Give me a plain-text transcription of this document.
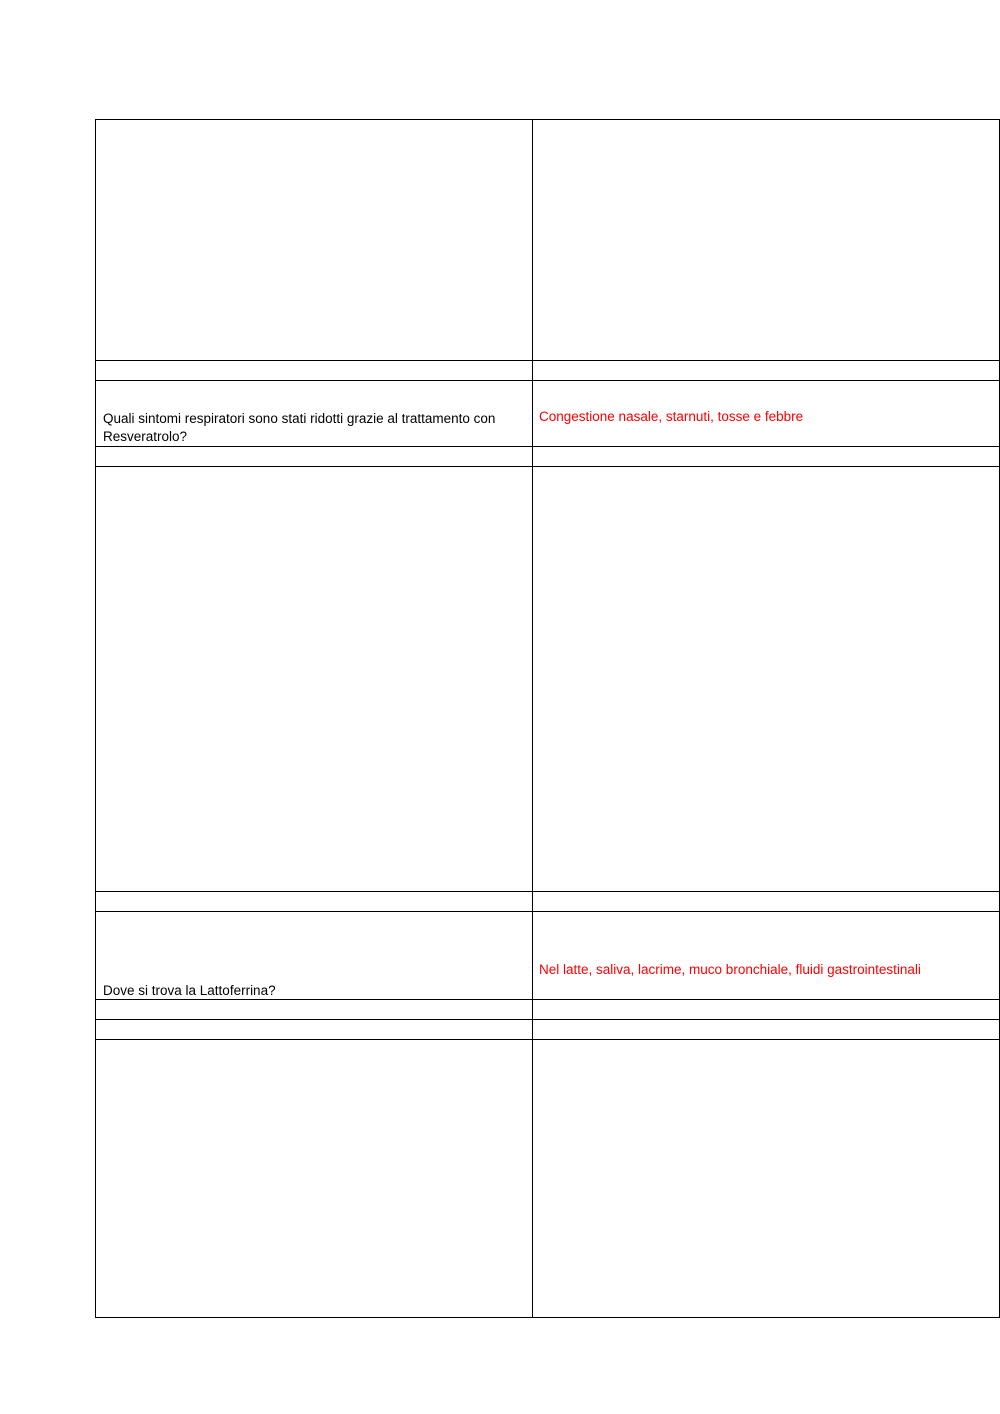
Quali sintomi respiratori sono stati ridotti grazie al trattamento con Resveratrolo?

Congestione nasale, starnuti, tosse e febbre

Dove si trova la Lattoferrina?

Nel latte, saliva, lacrime, muco bronchiale, fluidi gastrointestinali
